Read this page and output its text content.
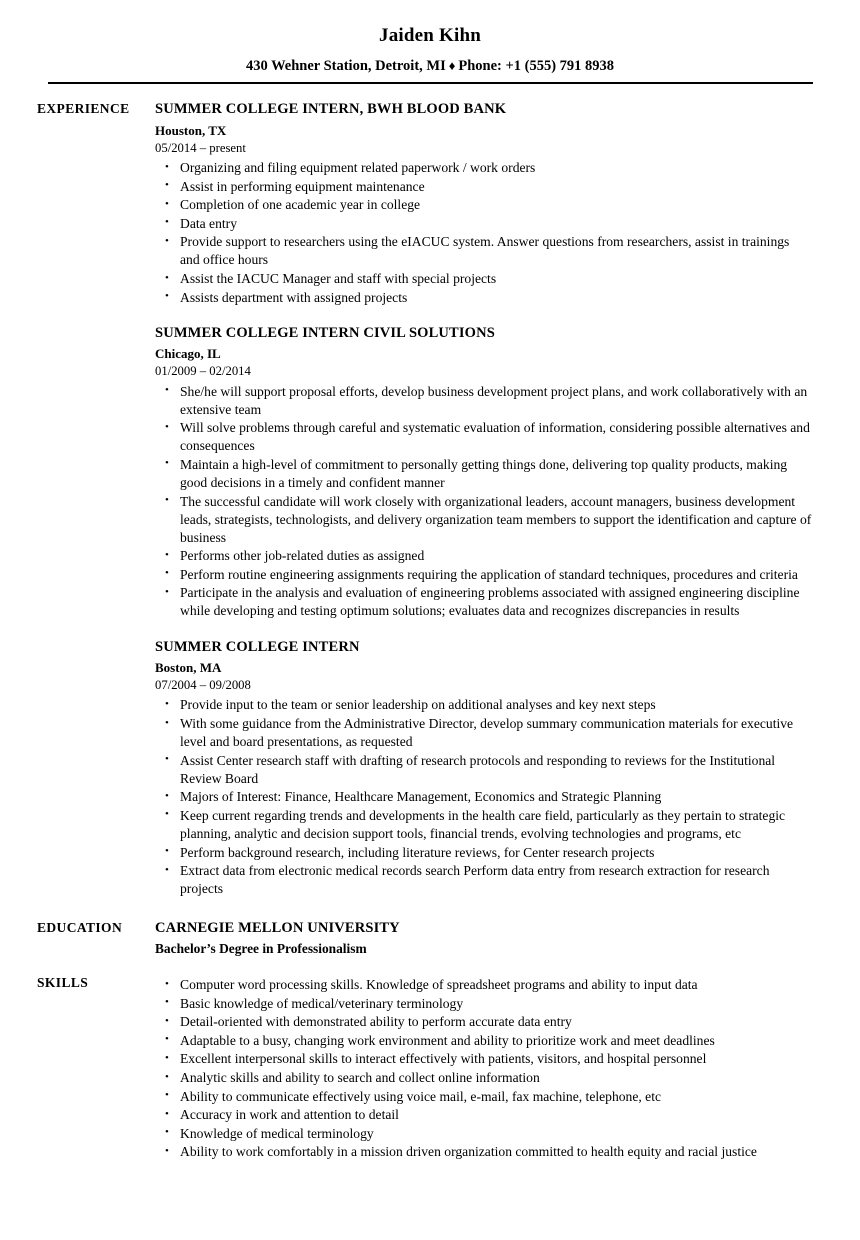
Jaiden Kihn
430 Wehner Station, Detroit, MI ♦ Phone: +1 (555) 791 8938
EXPERIENCE	SUMMER COLLEGE INTERN, BWH BLOOD BANK
Houston, TX
05/2014 – present
• Organizing and filing equipment related paperwork / work orders
• Assist in performing equipment maintenance
• Completion of one academic year in college
• Data entry
• Provide support to researchers using the eIACUC system. Answer questions from researchers, assist in trainings and office hours
• Assist the IACUC Manager and staff with special projects
• Assists department with assigned projects
SUMMER COLLEGE INTERN CIVIL SOLUTIONS
Chicago, IL
01/2009 – 02/2014
• She/he will support proposal efforts, develop business development project plans, and work collaboratively with an extensive team
• Will solve problems through careful and systematic evaluation of information, considering possible alternatives and consequences
• Maintain a high-level of commitment to personally getting things done, delivering top quality products, making good decisions in a timely and confident manner
• The successful candidate will work closely with organizational leaders, account managers, business development leads, strategists, technologists, and delivery organization team members to support the identification and capture of business
• Performs other job-related duties as assigned
• Perform routine engineering assignments requiring the application of standard techniques, procedures and criteria
• Participate in the analysis and evaluation of engineering problems associated with assigned engineering discipline while developing and testing optimum solutions; evaluates data and recognizes discrepancies in results
SUMMER COLLEGE INTERN
Boston, MA
07/2004 – 09/2008
• Provide input to the team or senior leadership on additional analyses and key next steps
• With some guidance from the Administrative Director, develop summary communication materials for executive level and board presentations, as requested
• Assist Center research staff with drafting of research protocols and responding to reviews for the Institutional Review Board
• Majors of Interest: Finance, Healthcare Management, Economics and Strategic Planning
• Keep current regarding trends and developments in the health care field, particularly as they pertain to strategic planning, analytic and decision support tools, financial trends, evolving technologies and programs, etc
• Perform background research, including literature reviews, for Center research projects
• Extract data from electronic medical records search Perform data entry from research extraction for research projects
EDUCATION	CARNEGIE MELLON UNIVERSITY
Bachelor’s Degree in Professionalism
SKILLS	• Computer word processing skills. Knowledge of spreadsheet programs and ability to input data
• Basic knowledge of medical/veterinary terminology
• Detail-oriented with demonstrated ability to perform accurate data entry
• Adaptable to a busy, changing work environment and ability to prioritize work and meet deadlines
• Excellent interpersonal skills to interact effectively with patients, visitors, and hospital personnel
• Analytic skills and ability to search and collect online information
• Ability to communicate effectively using voice mail, e-mail, fax machine, telephone, etc
• Accuracy in work and attention to detail
• Knowledge of medical terminology
• Ability to work comfortably in a mission driven organization committed to health equity and racial justice
